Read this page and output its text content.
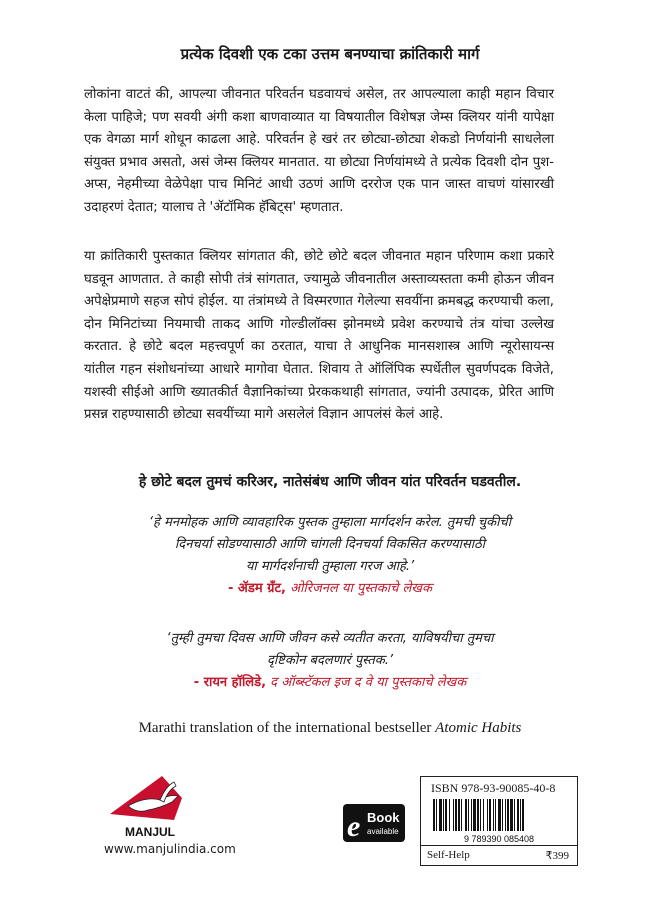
प्रत्येक दिवशी एक टका उत्तम बनण्याचा क्रांतिकारी मार्ग
लोकांना वाटतं की, आपल्या जीवनात परिवर्तन घडवायचं असेल, तर आपल्याला काही महान विचार केला पाहिजे; पण सवयी अंगी कशा बाणवाव्यात या विषयातील विशेषज्ञ जेम्स क्लियर यांनी यापेक्षा एक वेगळा मार्ग शोधून काढला आहे. परिवर्तन हे खरं तर छोट्या-छोट्या शेकडो निर्णयांनी साधलेला संयुक्त प्रभाव असतो, असं जेम्स क्लियर मानतात. या छोट्या निर्णयांमध्ये ते प्रत्येक दिवशी दोन पुश-अप्स, नेहमीच्या वेळेपेक्षा पाच मिनिटं आधी उठणं आणि दररोज एक पान जास्त वाचणं यांसारखी उदाहरणं देतात; यालाच ते 'ॲटॉमिक हॅबिट्स' म्हणतात.
या क्रांतिकारी पुस्तकात क्लियर सांगतात की, छोटे छोटे बदल जीवनात महान परिणाम कशा प्रकारे घडवून आणतात. ते काही सोपी तंत्रं सांगतात, ज्यामुळे जीवनातील अस्ताव्यस्तता कमी होऊन जीवन अपेक्षेप्रमाणे सहज सोपं होईल. या तंत्रांमध्ये ते विस्मरणात गेलेल्या सवयींना क्रमबद्ध करण्याची कला, दोन मिनिटांच्या नियमाची ताकद आणि गोल्डीलॉक्स झोनमध्ये प्रवेश करण्याचे तंत्र यांचा उल्लेख करतात. हे छोटे बदल महत्त्वपूर्ण का ठरतात, याचा ते आधुनिक मानसशास्त्र आणि न्यूरोसायन्स यांतील गहन संशोधनांच्या आधारे मागोवा घेतात. शिवाय ते ऑलिंपिक स्पर्धेतील सुवर्णपदक विजेते, यशस्वी सीईओ आणि ख्यातकीर्त वैज्ञानिकांच्या प्रेरककथाही सांगतात, ज्यांनी उत्पादक, प्रेरित आणि प्रसन्न राहण्यासाठी छोट्या सवयींच्या मागे असलेलं विज्ञान आपलंसं केलं आहे.
हे छोटे बदल तुमचं करिअर, नातेसंबंध आणि जीवन यांत परिवर्तन घडवतील.
‘हे मनमोहक आणि व्यावहारिक पुस्तक तुम्हाला मार्गदर्शन करेल. तुमची चुकीची
दिनचर्या सोडण्यासाठी आणि चांगली दिनचर्या विकसित करण्यासाठी
या मार्गदर्शनाची तुम्हाला गरज आहे.’
- ॲडम ग्रँट, ओरिजनल या पुस्तकाचे लेखक
‘तुम्ही तुमचा दिवस आणि जीवन कसे व्यतीत करता, याविषयीचा तुमचा
दृष्टिकोन बदलणारं पुस्तक.’
- रायन हॉलिडे, द ऑब्स्टॅकल इज द वे या पुस्तकाचे लेखक
Marathi translation of the international bestseller Atomic Habits
MANJUL
www.manjulindia.com
e Book
available
ISBN 978-93-90085-40-8
9 789390 085408
Self-Help	₹399
